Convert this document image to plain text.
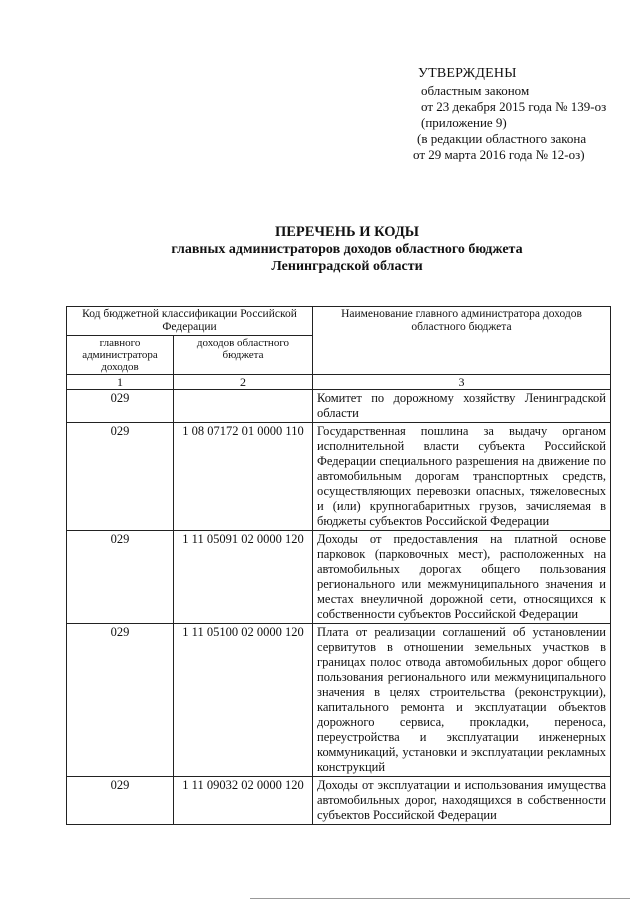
УТВЕРЖДЕНЫ
областным законом
от 23 декабря 2015 года № 139-оз
(приложение 9)
(в редакции областного закона
от 29 марта 2016 года № 12-оз)
ПЕРЕЧЕНЬ И КОДЫ
главных администраторов доходов областного бюджета
Ленинградской области
Код бюджетной классификации Российской Федерации		Наименование главного администратора доходов областного бюджета
главного администратора доходов	доходов областного бюджета	
1	2	3
029		Комитет по дорожному хозяйству Ленинградской области
029	1 08 07172 01 0000 110	Государственная пошлина за выдачу органом исполнительной власти субъекта Российской Федерации специального разрешения на движение по автомобильным дорогам транспортных средств, осуществляющих перевозки опасных, тяжеловесных и (или) крупногабаритных грузов, зачисляемая в бюджеты субъектов Российской Федерации
029	1 11 05091 02 0000 120	Доходы от предоставления на платной основе парковок (парковочных мест), расположенных на автомобильных дорогах общего пользования регионального или межмуниципального значения и местах внеуличной дорожной сети, относящихся к собственности субъектов Российской Федерации
029	1 11 05100 02 0000 120	Плата от реализации соглашений об установлении сервитутов в отношении земельных участков в границах полос отвода автомобильных дорог общего пользования регионального или межмуниципального значения в целях строительства (реконструкции), капитального ремонта и эксплуатации объектов дорожного сервиса, прокладки, переноса, переустройства и эксплуатации инженерных коммуникаций, установки и эксплуатации рекламных конструкций
029	1 11 09032 02 0000 120	Доходы от эксплуатации и использования имущества автомобильных дорог, находящихся в собственности субъектов Российской Федерации
